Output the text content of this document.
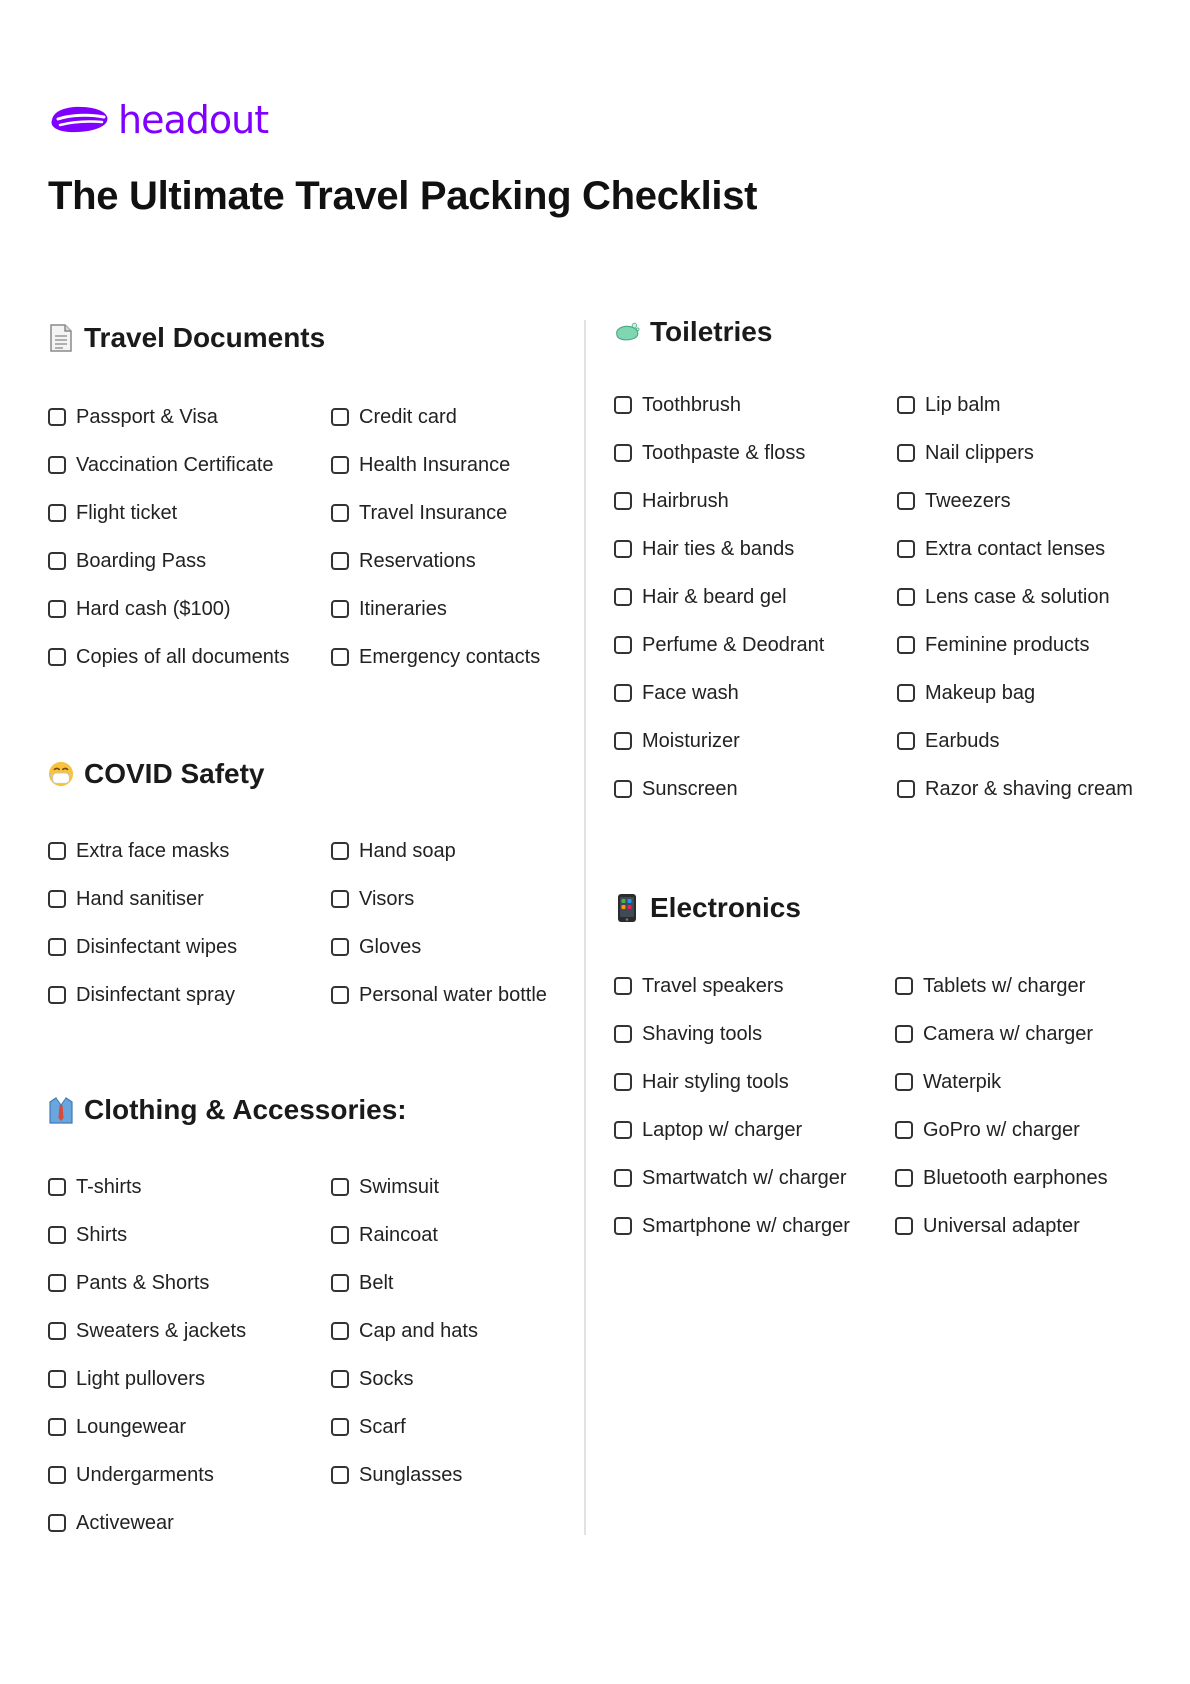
headout
The Ultimate Travel Packing Checklist
Travel Documents
Passport & Visa
Vaccination Certificate
Flight ticket
Boarding Pass
Hard cash ($100)
Copies of all documents
Credit card
Health Insurance
Travel Insurance
Reservations
Itineraries
Emergency contacts
COVID Safety
Extra face masks
Hand sanitiser
Disinfectant wipes
Disinfectant spray
Hand soap
Visors
Gloves
Personal water bottle
Clothing & Accessories:
T-shirts
Shirts
Pants & Shorts
Sweaters & jackets
Light pullovers
Loungewear
Undergarments
Activewear
Swimsuit
Raincoat
Belt
Cap and hats
Socks
Scarf
Sunglasses
Toiletries
Toothbrush
Toothpaste & floss
Hairbrush
Hair ties & bands
Hair & beard gel
Perfume & Deodrant
Face wash
Moisturizer
Sunscreen
Lip balm
Nail clippers
Tweezers
Extra contact lenses
Lens case & solution
Feminine products
Makeup bag
Earbuds
Razor & shaving cream
Electronics
Travel speakers
Shaving tools
Hair styling tools
Laptop w/ charger
Smartwatch w/ charger
Smartphone w/ charger
Tablets w/ charger
Camera w/ charger
Waterpik
GoPro w/ charger
Bluetooth earphones
Universal adapter
